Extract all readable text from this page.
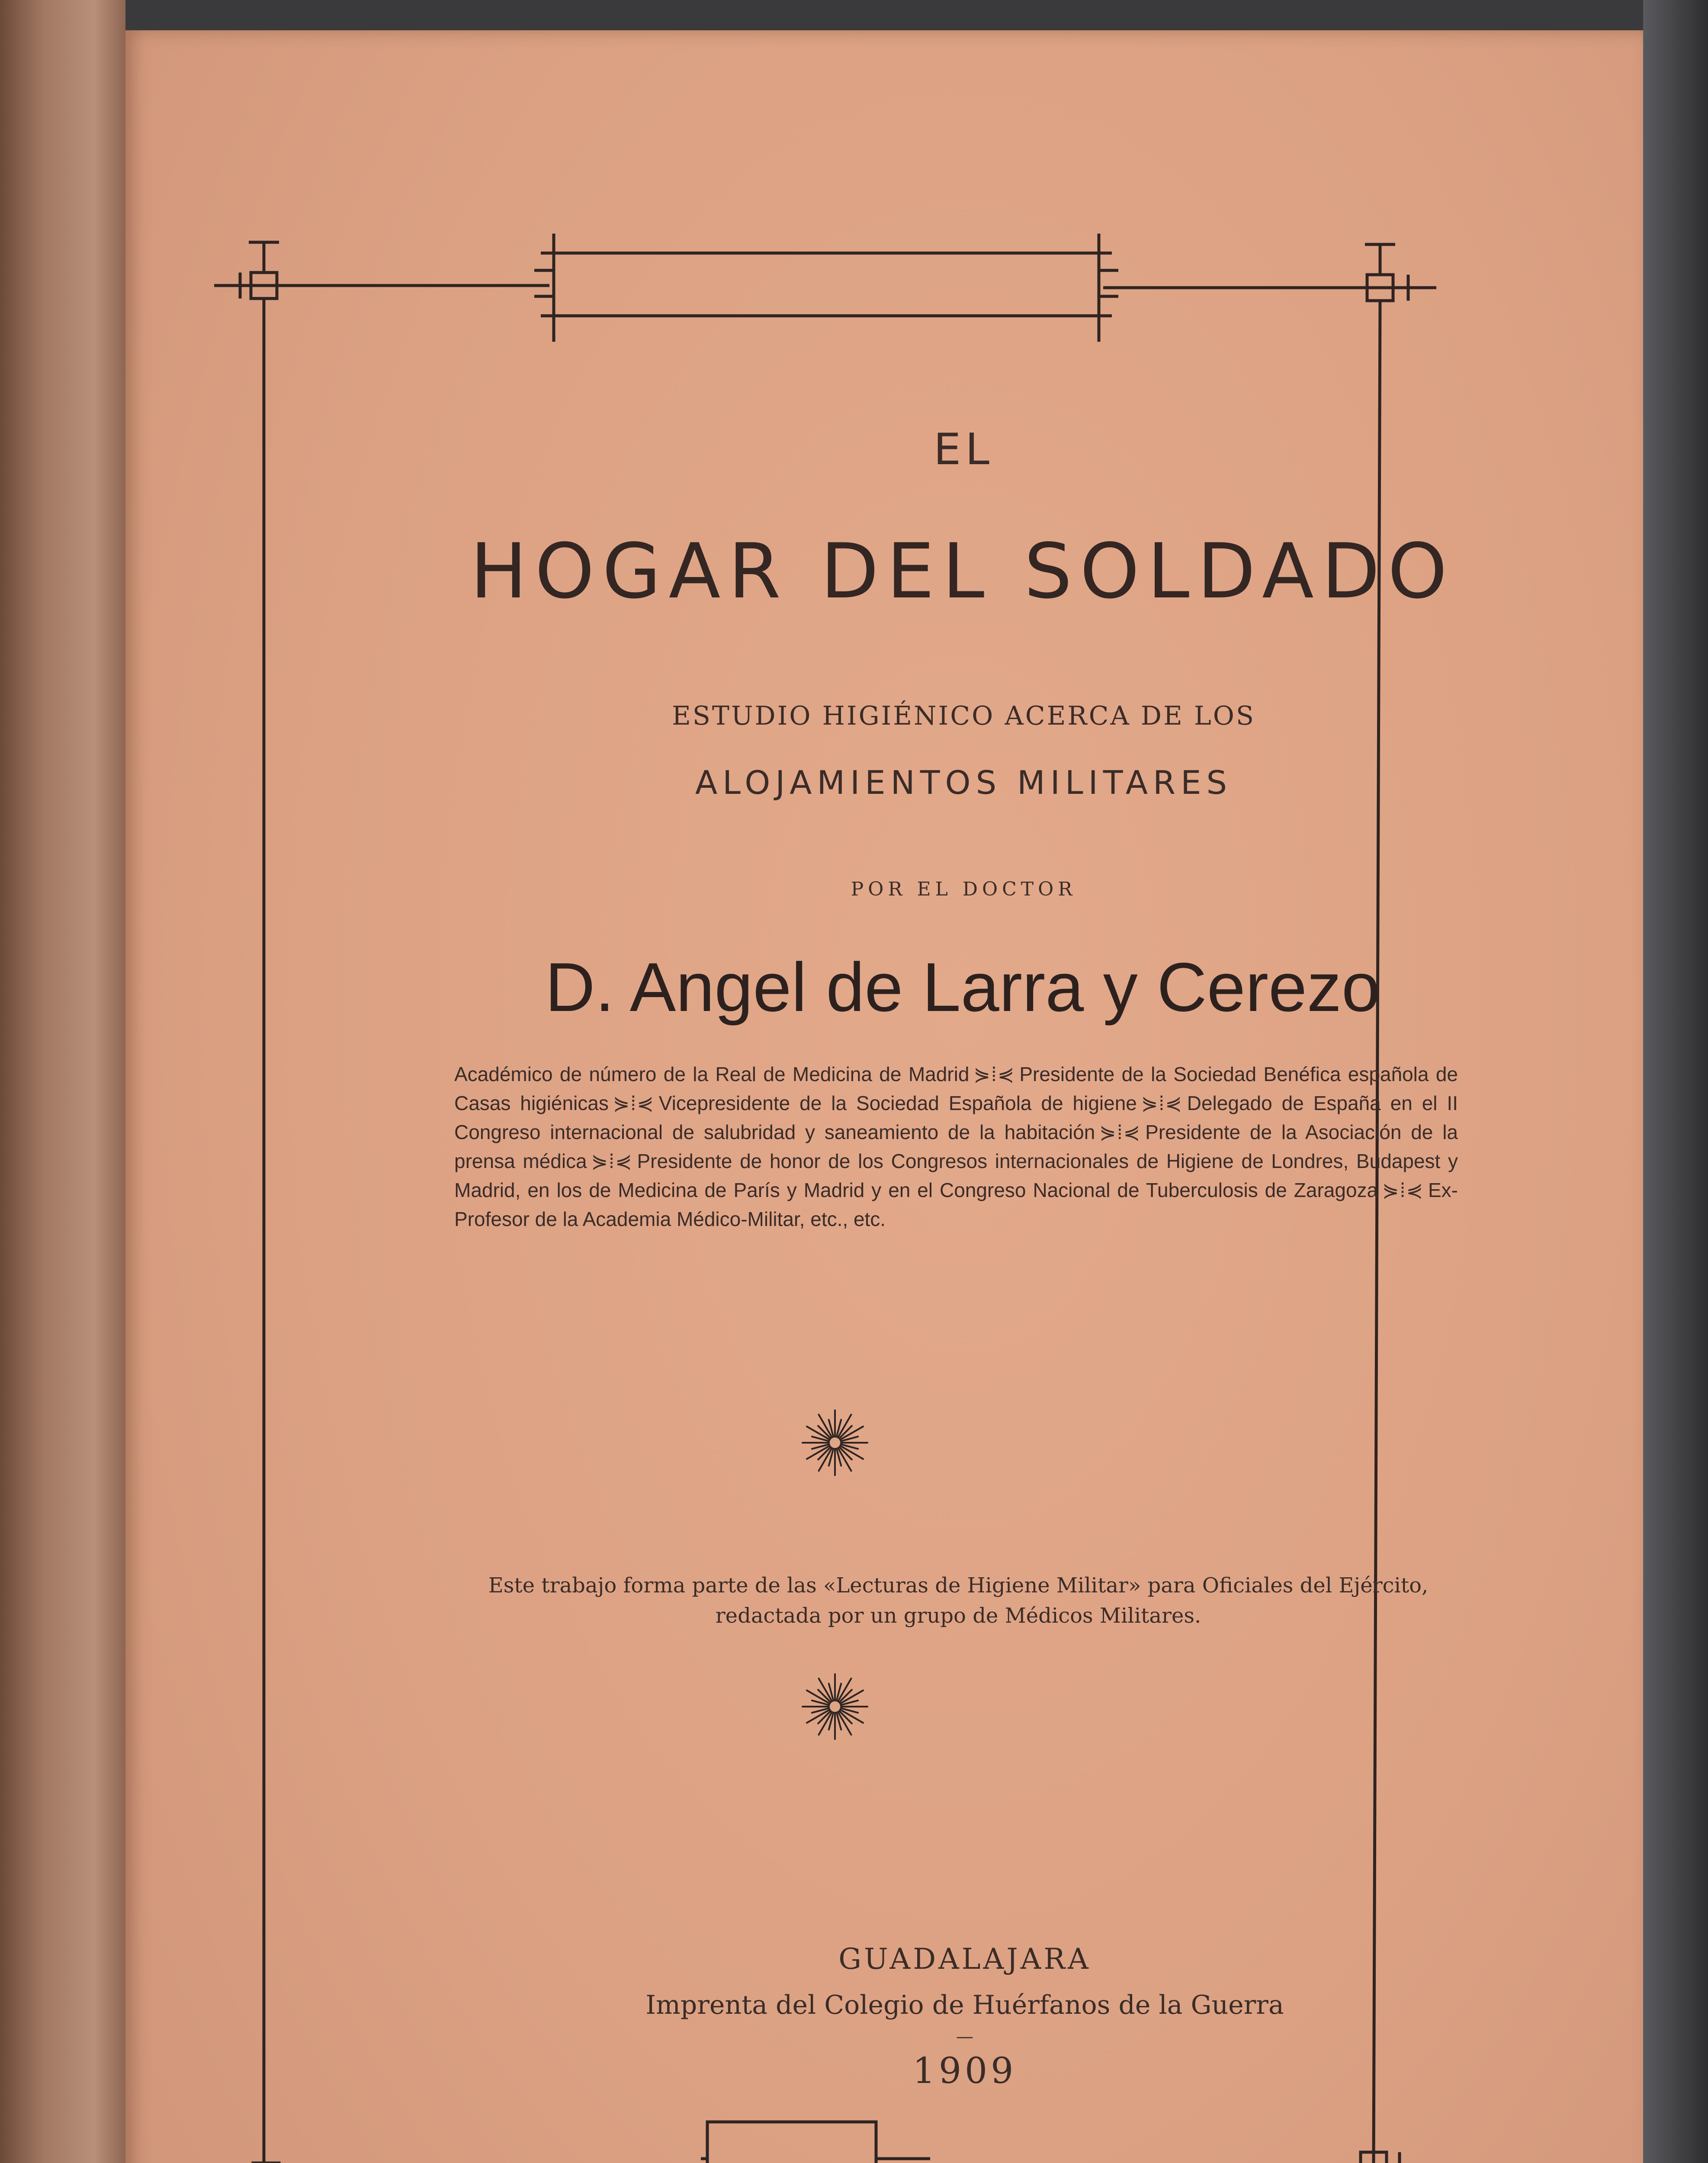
EL
HOGAR DEL SOLDADO
ESTUDIO HIGIÉNICO ACERCA DE LOS
ALOJAMIENTOS MILITARES
POR EL DOCTOR
D. Angel de Larra y Cerezo
Académico de número de la Real de Medicina de Madrid ⋟⁞⋞ Presidente de la Sociedad Benéfica española de Casas higiénicas ⋟⁞⋞ Vicepresidente de la Sociedad Española de higiene ⋟⁞⋞ Delegado de España en el II Congreso internacional de salubridad y saneamiento de la habitación ⋟⁞⋞ Presidente de la Asociación de la prensa médica ⋟⁞⋞ Presidente de honor de los Congresos internacionales de Higiene de Londres, Budapest y Madrid, en los de Medicina de París y Madrid y en el Congreso Nacional de Tuberculosis de Zaragoza ⋟⁞⋞ Ex-Profesor de la Academia Médico-Militar, etc., etc.
Este trabajo forma parte de las «Lecturas de Higiene Militar» para Oficiales del Ejército,
redactada por un grupo de Médicos Militares.
GUADALAJARA
Imprenta del Colegio de Huérfanos de la Guerra
—
1909
